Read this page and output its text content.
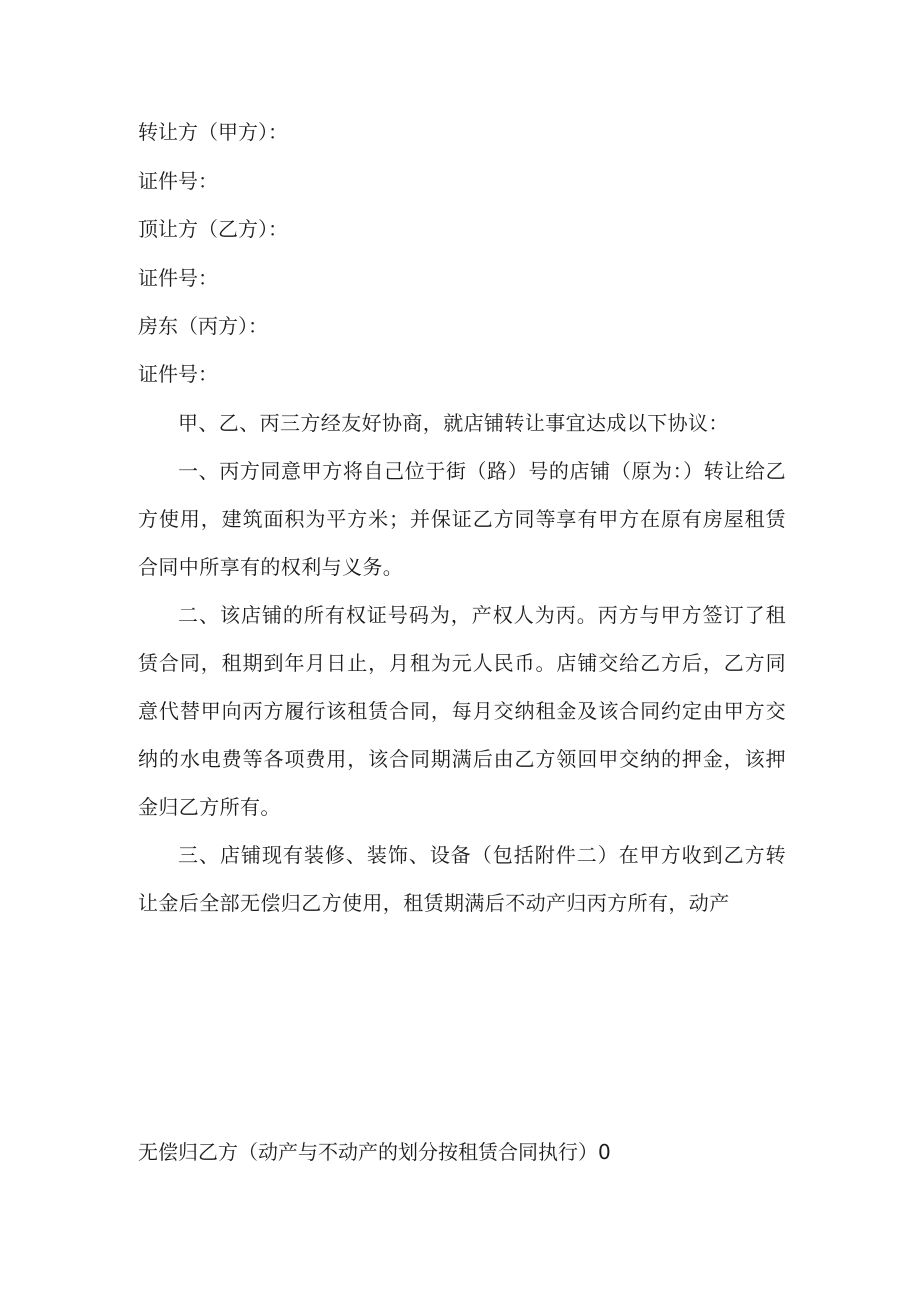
转让方（甲方）：
证件号：
顶让方（乙方）：
证件号：
房东（丙方）：
证件号：
甲、乙、丙三方经友好协商，就店铺转让事宜达成以下协议：
一、丙方同意甲方将自己位于街（路）号的店铺（原为：）转让给乙方使用，建筑面积为平方米；并保证乙方同等享有甲方在原有房屋租赁合同中所享有的权利与义务。
二、该店铺的所有权证号码为，产权人为丙。丙方与甲方签订了租赁合同，租期到年月日止，月租为元人民币。店铺交给乙方后，乙方同意代替甲向丙方履行该租赁合同，每月交纳租金及该合同约定由甲方交纳的水电费等各项费用，该合同期满后由乙方领回甲交纳的押金，该押金归乙方所有。
三、店铺现有装修、装饰、设备（包括附件二）在甲方收到乙方转让金后全部无偿归乙方使用，租赁期满后不动产归丙方所有，动产
无偿归乙方（动产与不动产的划分按租赁合同执行）0
